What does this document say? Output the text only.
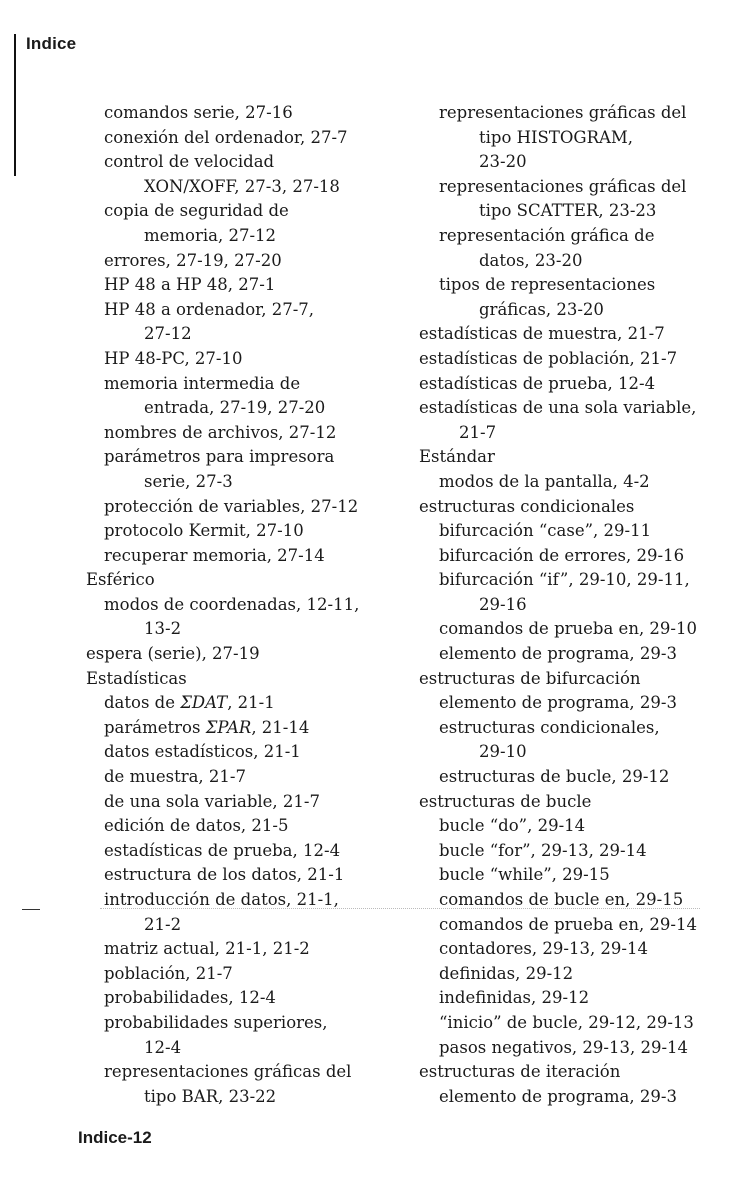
Indice
comandos serie, 27-16
conexión del ordenador, 27-7
control de velocidad
XON/XOFF, 27-3, 27-18
copia de seguridad de
memoria, 27-12
errores, 27-19, 27-20
HP 48 a HP 48, 27-1
HP 48 a ordenador, 27-7,
27-12
HP 48-PC, 27-10
memoria intermedia de
entrada, 27-19, 27-20
nombres de archivos, 27-12
parámetros para impresora
serie, 27-3
protección de variables, 27-12
protocolo Kermit, 27-10
recuperar memoria, 27-14
Esférico
modos de coordenadas, 12-11,
13-2
espera (serie), 27-19
Estadísticas
datos de ΣDAT, 21-1
parámetros ΣPAR, 21-14
datos estadísticos, 21-1
de muestra, 21-7
de una sola variable, 21-7
edición de datos, 21-5
estadísticas de prueba, 12-4
estructura de los datos, 21-1
introducción de datos, 21-1,
21-2
matriz actual, 21-1, 21-2
población, 21-7
probabilidades, 12-4
probabilidades superiores,
12-4
representaciones gráficas del
tipo BAR, 23-22
representaciones gráficas del
tipo HISTOGRAM,
23-20
representaciones gráficas del
tipo SCATTER, 23-23
representación gráfica de
datos, 23-20
tipos de representaciones
gráficas, 23-20
estadísticas de muestra, 21-7
estadísticas de población, 21-7
estadísticas de prueba, 12-4
estadísticas de una sola variable,
21-7
Estándar
modos de la pantalla, 4-2
estructuras condicionales
bifurcación “case”, 29-11
bifurcación de errores, 29-16
bifurcación “if”, 29-10, 29-11,
29-16
comandos de prueba en, 29-10
elemento de programa, 29-3
estructuras de bifurcación
elemento de programa, 29-3
estructuras condicionales,
29-10
estructuras de bucle, 29-12
estructuras de bucle
bucle “do”, 29-14
bucle “for”, 29-13, 29-14
bucle “while”, 29-15
comandos de bucle en, 29-15
comandos de prueba en, 29-14
contadores, 29-13, 29-14
definidas, 29-12
indefinidas, 29-12
“inicio” de bucle, 29-12, 29-13
pasos negativos, 29-13, 29-14
estructuras de iteración
elemento de programa, 29-3
Indice-12
